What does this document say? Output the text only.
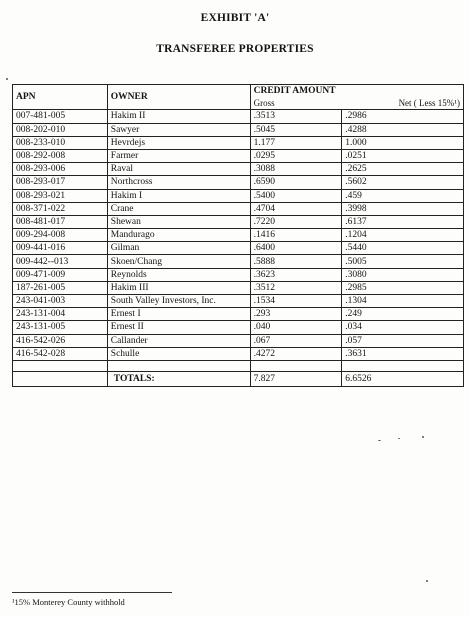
EXHIBIT 'A'
TRANSFEREE PROPERTIES
APN	OWNER	CREDIT AMOUNT	
		Gross	Net ( Less 15%¹)
007-481-005	Hakim II	.3513	.2986
008-202-010	Sawyer	.5045	.4288
008-233-010	Hevrdejs	1.177	1.000
008-292-008	Farmer	.0295	.0251
008-293-006	Raval	.3088	.2625
008-293-017	Northcross	.6590	.5602
008-293-021	Hakim I	.5400	.459
008-371-022	Crane	.4704	.3998
008-481-017	Shewan	.7220	.6137
009-294-008	Mandurago	.1416	.1204
009-441-016	Gilman	.6400	.5440
009-442--013	Skoen/Chang	.5888	.5005
009-471-009	Reynolds	.3623	.3080
187-261-005	Hakim III	.3512	.2985
243-041-003	South Valley Investors, Inc.	.1534	.1304
243-131-004	Ernest I	.293	.249
243-131-005	Ernest II	.040	.034
416-542-026	Callander	.067	.057
416-542-028	Schulle	.4272	.3631

	TOTALS:	7.827	6.6526
¹15% Monterey County withhold
